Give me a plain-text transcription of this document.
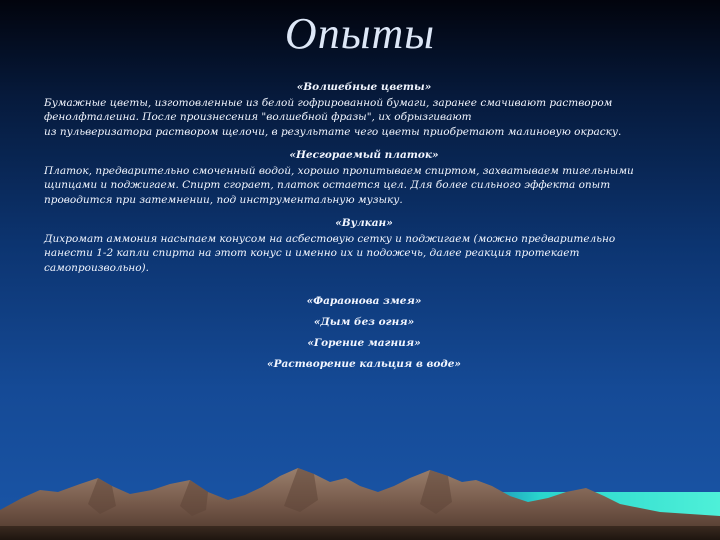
Опыты
«Волшебные цветы»
Бумажные цветы, изготовленные из белой гофрированной бумаги, заранее смачивают раствором
фенолфталеина. После произнесения "волшебной фразы", их обрызгивают
из пульверизатора раствором щелочи, в результате чего цветы приобретают малиновую окраску.
«Несгораемый платок»
Платок, предварительно смоченный водой, хорошо пропитываем спиртом, захватываем тигельными
щипцами и поджигаем. Спирт сгорает, платок остается цел. Для более сильного эффекта опыт
проводится при затемнении, под инструментальную музыку.
«Вулкан»
Дихромат аммония насыпаем конусом на асбестовую сетку и поджигаем (можно предварительно
нанести 1-2 капли спирта на этот конус и именно их и подожечь, далее реакция протекает
самопроизвольно).
«Фараонова змея»
«Дым без огня»
«Горение магния»
«Растворение кальция в воде»
